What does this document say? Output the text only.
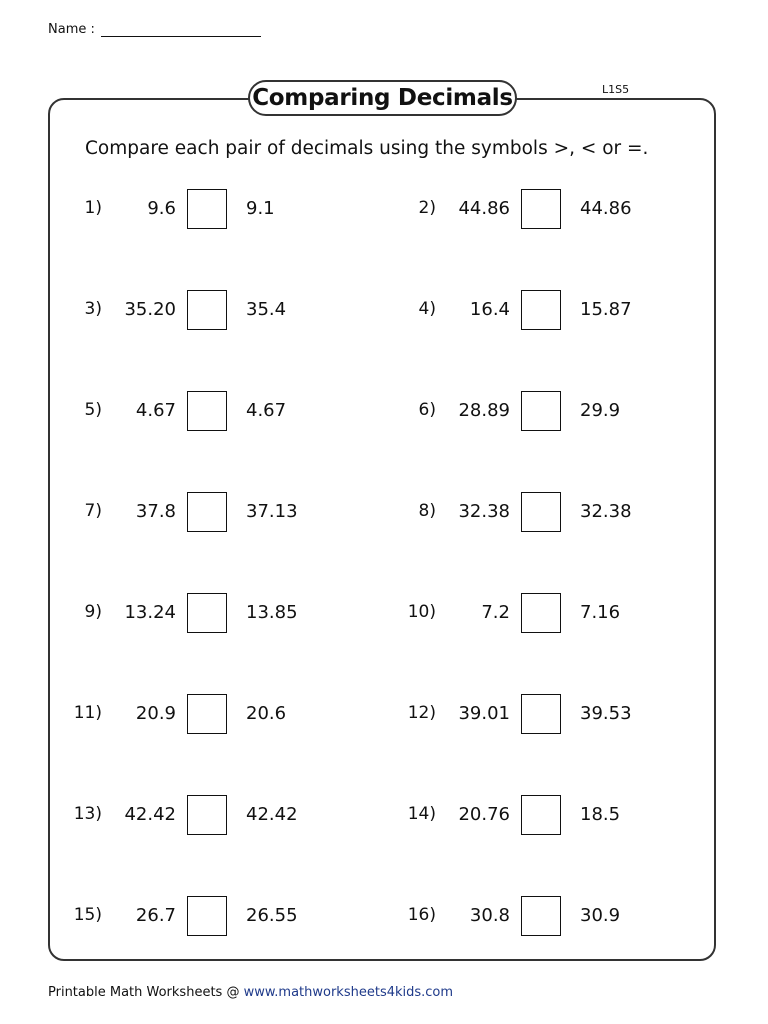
Name :
Comparing Decimals	L1S5
Compare each pair of decimals using the symbols >, < or =.
1)	9.6	9.1	2)	44.86	44.86
3)	35.20	35.4	4)	16.4	15.87
5)	4.67	4.67	6)	28.89	29.9
7)	37.8	37.13	8)	32.38	32.38
9)	13.24	13.85	10)	7.2	7.16
11)	20.9	20.6	12)	39.01	39.53
13)	42.42	42.42	14)	20.76	18.5
15)	26.7	26.55	16)	30.8	30.9
Printable Math Worksheets @ www.mathworksheets4kids.com
